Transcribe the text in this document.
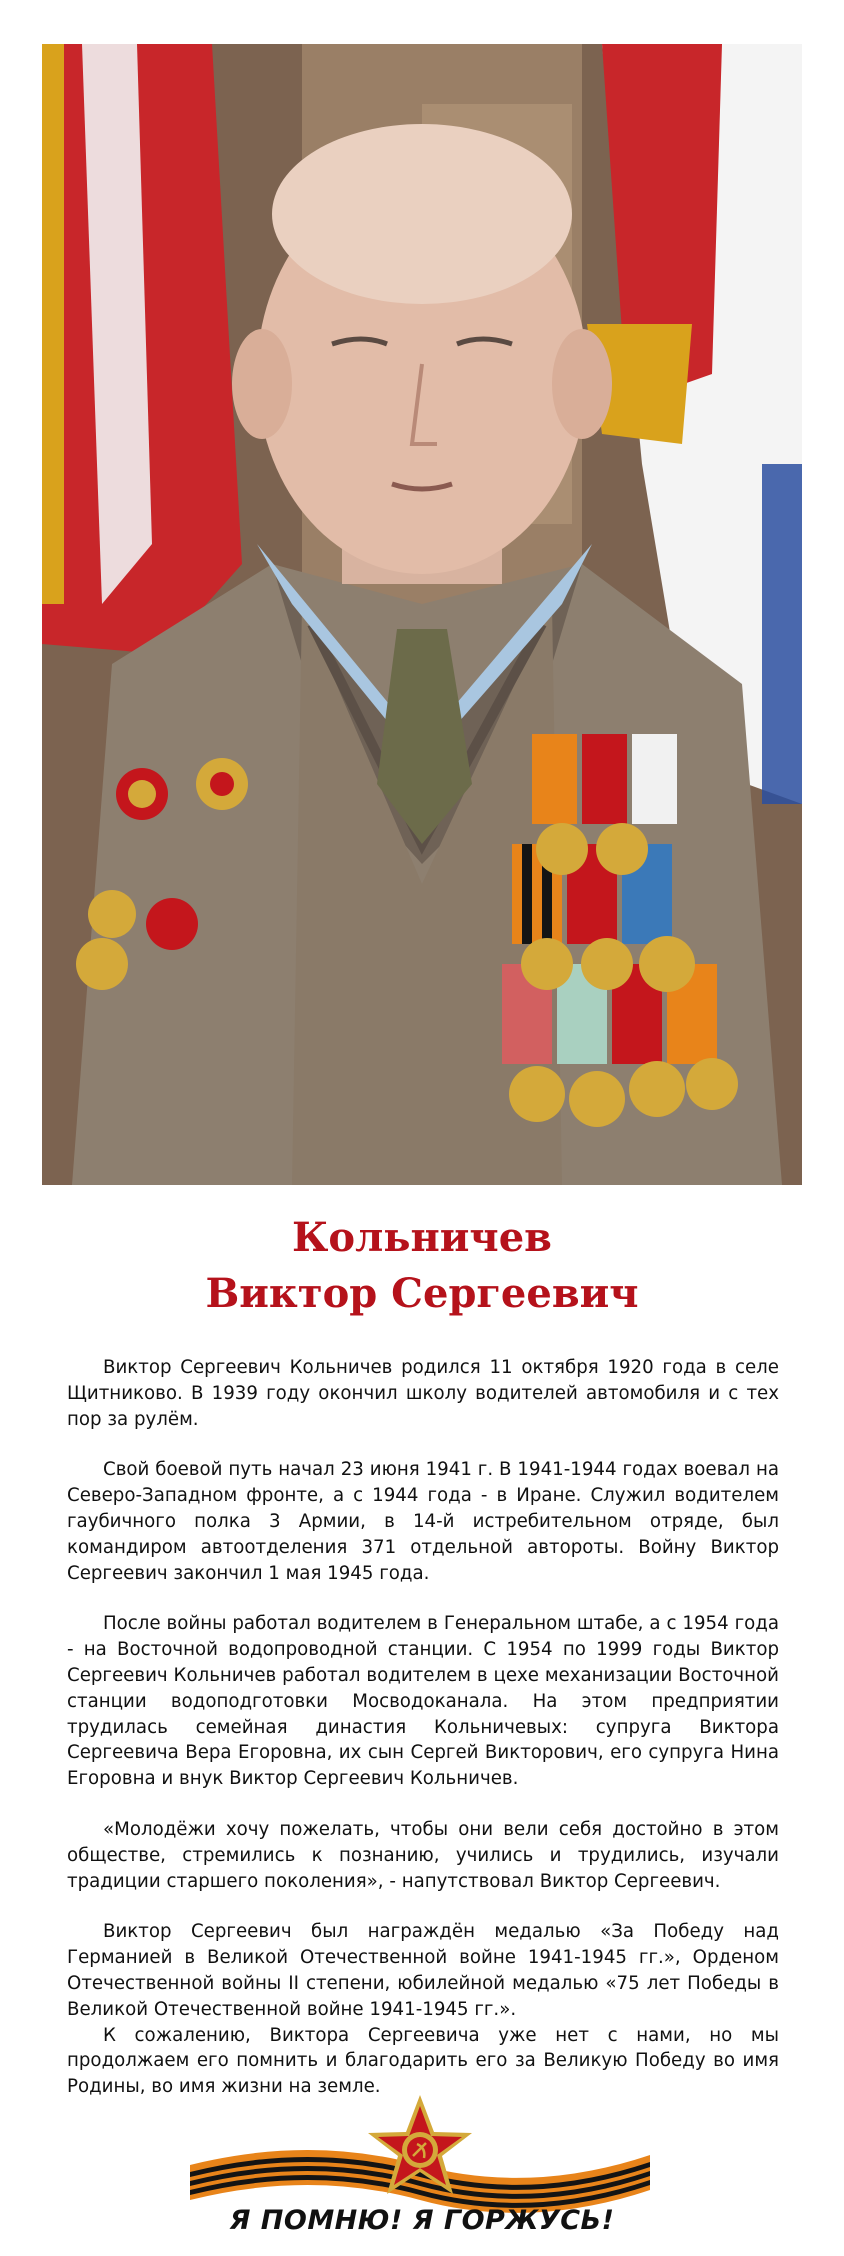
Кольничев
Виктор Сергеевич

Виктор Сергеевич Кольничев родился 11 октября 1920 года в селе Щитниково. В 1939 году окончил школу водителей автомобиля и с тех пор за рулём.

Свой боевой путь начал 23 июня 1941 г. В 1941-1944 годах воевал на Северо-Западном фронте, а с 1944 года - в Иране. Служил водителем гаубичного полка 3 Армии, в 14-й истребительном отряде, был командиром автоотделения 371 отдельной автороты. Войну Виктор Сергеевич закончил 1 мая 1945 года.

После войны работал водителем в Генеральном штабе, а с 1954 года - на Восточной водопроводной станции. С 1954 по 1999 годы Виктор Сергеевич Кольничев работал водителем в цехе механизации Восточной станции водоподготовки Мосводоканала. На этом предприятии трудилась семейная династия Кольничевых: супруга Виктора Сергеевича Вера Егоровна, их сын Сергей Викторович, его супруга Нина Егоровна и внук Виктор Сергеевич Кольничев.

«Молодёжи хочу пожелать, чтобы они вели себя достойно в этом обществе, стремились к познанию, учились и трудились, изучали традиции старшего поколения», - напутствовал Виктор Сергеевич.

Виктор Сергеевич был награждён медалью «За Победу над Германией в Великой Отечественной войне 1941-1945 гг.», Орденом Отечественной войны II степени, юбилейной медалью «75 лет Победы в Великой Отечественной войне 1941-1945 гг.».

К сожалению, Виктора Сергеевича уже нет с нами, но мы продолжаем его помнить и благодарить его за Великую Победу во имя Родины, во имя жизни на земле.

Я ПОМНЮ! Я ГОРЖУСЬ!
